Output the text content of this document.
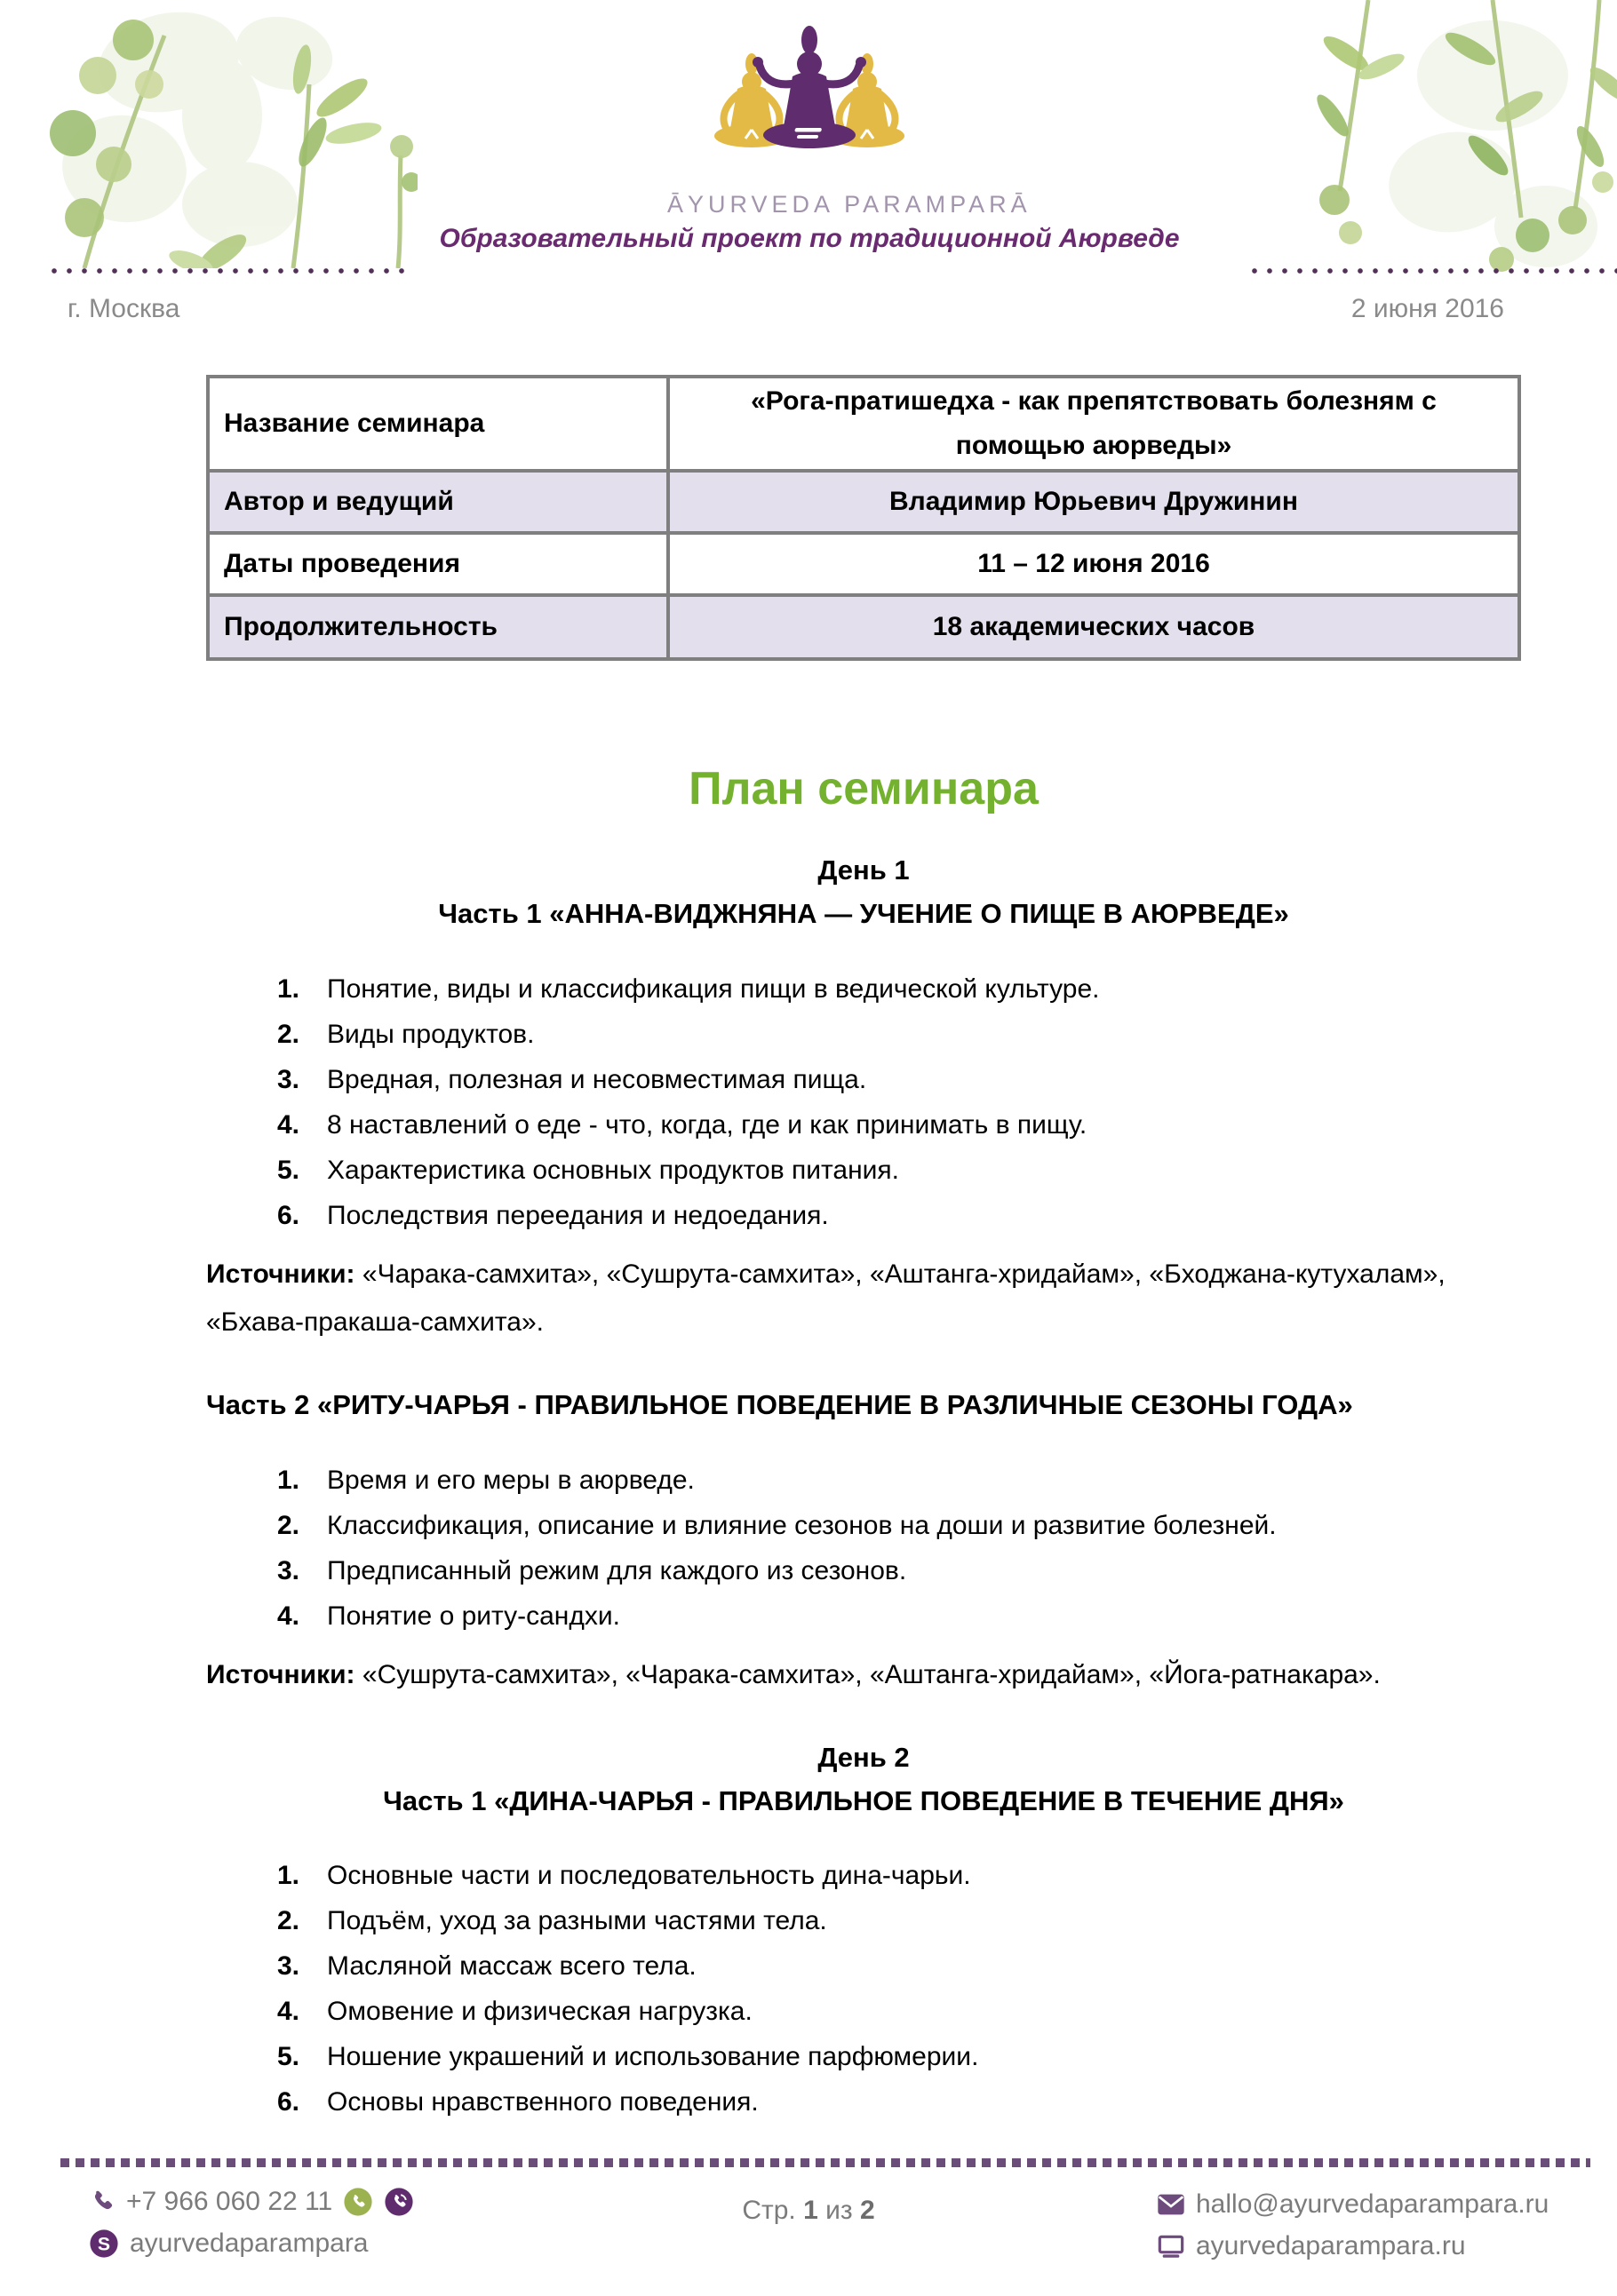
ĀYURVEDA PARAMPARĀ
Образовательный проект по традиционной Аюрведе
г. Москва	2 июня 2016
Название семинара	«Рога-пратишедха - как препятствовать болезням с помощью аюрведы»
Автор и ведущий	Владимир Юрьевич Дружинин
Даты проведения	11 – 12 июня 2016
Продолжительность	18 академических часов
План семинара

День 1

Часть 1 «АННА-ВИДЖНЯНА — УЧЕНИЕ О ПИЩЕ В АЮРВЕДЕ»

1.	Понятие, виды и классификация пищи в ведической культуре.
2.	Виды продуктов.
3.	Вредная, полезная и несовместимая пища.
4.	8 наставлений о еде - что, когда, где и как принимать в пищу.
5.	Характеристика основных продуктов питания.
6.	Последствия переедания и недоедания.

Источники: «Чарака-самхита», «Сушрута-самхита», «Аштанга-хридайам», «Бходжана-кутухалам», «Бхава-пракаша-самхита».

Часть 2 «РИТУ-ЧАРЬЯ - ПРАВИЛЬНОЕ ПОВЕДЕНИЕ В РАЗЛИЧНЫЕ СЕЗОНЫ ГОДА»

1.	Время и его меры в аюрведе.
2.	Классификация, описание и влияние сезонов на доши и развитие болезней.
3.	Предписанный режим для каждого из сезонов.
4.	Понятие о риту-сандхи.

Источники: «Сушрута-самхита», «Чарака-самхита», «Аштанга-хридайам», «Йога-ратнакара».

День 2

Часть 1 «ДИНА-ЧАРЬЯ - ПРАВИЛЬНОЕ ПОВЕДЕНИЕ В ТЕЧЕНИЕ ДНЯ»

1.	Основные части и последовательность дина-чарьи.
2.	Подъём, уход за разными частями тела.
3.	Масляной массаж всего тела.
4.	Омовение и физическая нагрузка.
5.	Ношение украшений и использование парфюмерии.
6.	Основы нравственного поведения.
+7 966 060 22 11
S ayurvedaparampara
Стр. 1 из 2	hallo@ayurvedaparampara.ru
ayurvedaparampara.ru
